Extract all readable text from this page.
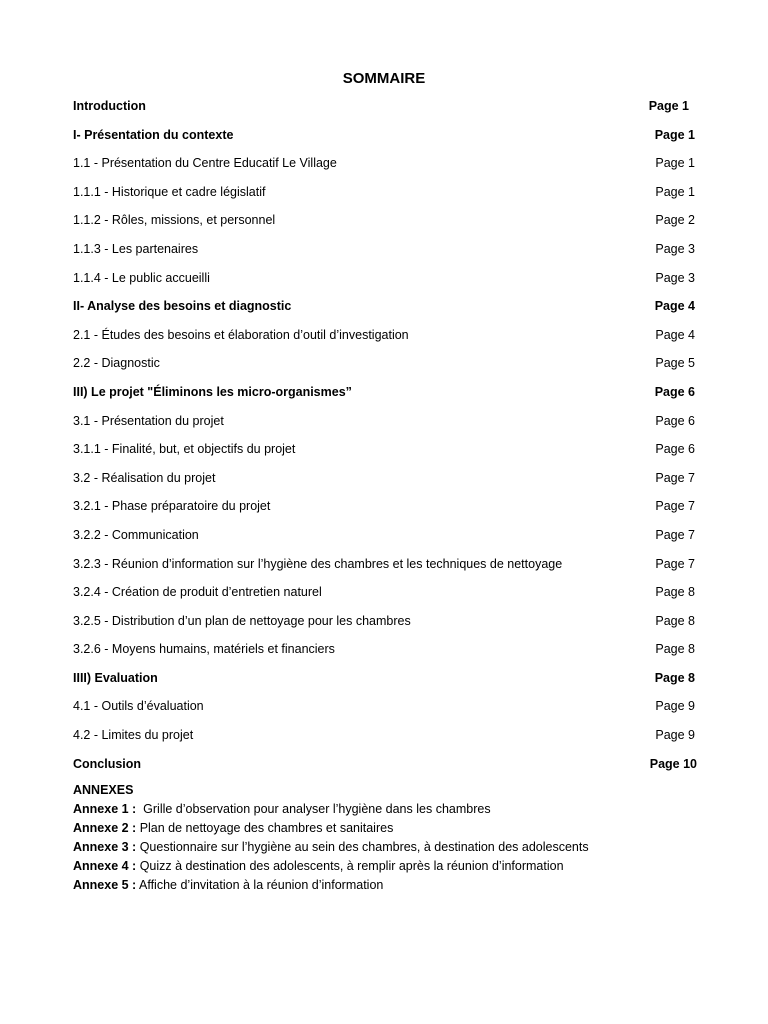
SOMMAIRE
Introduction	Page 1
I- Présentation du contexte	Page 1
1.1 - Présentation du Centre Educatif Le Village	Page 1
1.1.1 - Historique et cadre législatif	Page 1
1.1.2 - Rôles, missions, et personnel	Page 2
1.1.3 - Les partenaires	Page 3
1.1.4 - Le public accueilli	Page 3
II- Analyse des besoins et diagnostic	Page 4
2.1 - Études des besoins et élaboration d’outil d’investigation	Page 4
2.2 - Diagnostic	Page 5
III) Le projet "Éliminons les micro-organismes”	Page 6
3.1 - Présentation du projet	Page 6
3.1.1 - Finalité, but, et objectifs du projet	Page 6
3.2 - Réalisation du projet	Page 7
3.2.1 - Phase préparatoire du projet	Page 7
3.2.2 - Communication	Page 7
3.2.3 - Réunion d’information sur l’hygiène des chambres et les techniques de nettoyage	Page 7
3.2.4 - Création de produit d’entretien naturel	Page 8
3.2.5 - Distribution d’un plan de nettoyage pour les chambres	Page 8
3.2.6 - Moyens humains, matériels et financiers	Page 8
IIII) Evaluation	Page 8
4.1 - Outils d’évaluation	Page 9
4.2 - Limites du projet	Page 9
Conclusion	Page 10
ANNEXES
Annexe 1 :  Grille d’observation pour analyser l’hygiène dans les chambres
Annexe 2 : Plan de nettoyage des chambres et sanitaires
Annexe 3 : Questionnaire sur l’hygiène au sein des chambres, à destination des adolescents
Annexe 4 : Quizz à destination des adolescents, à remplir après la réunion d’information
Annexe 5 : Affiche d’invitation à la réunion d’information
